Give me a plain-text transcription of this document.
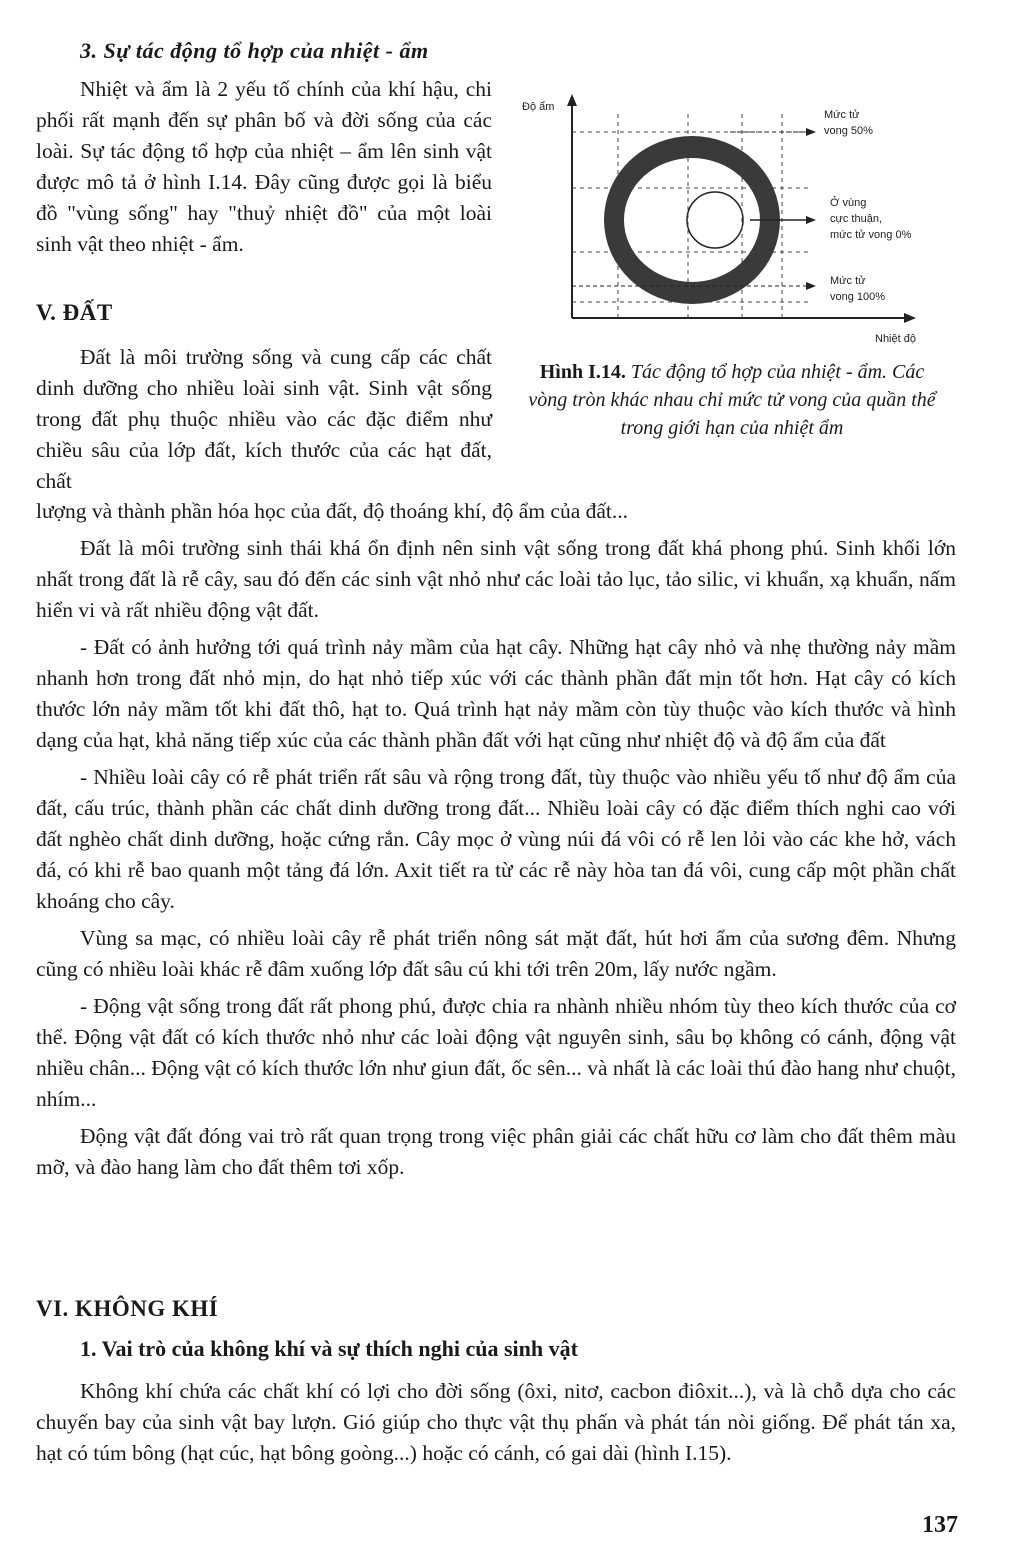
3. Sự tác động tổ hợp của nhiệt - ẩm

Nhiệt và ẩm là 2 yếu tố chính của khí hậu, chi phối rất mạnh đến sự phân bố và đời sống của các loài. Sự tác động tổ hợp của nhiệt – ẩm lên sinh vật được mô tả ở hình I.14. Đây cũng được gọi là biểu đồ "vùng sống" hay "thuỷ nhiệt đồ" của một loài sinh vật theo nhiệt - ẩm.

V. ĐẤT

Đất là môi trường sống và cung cấp các chất dinh dưỡng cho nhiều loài sinh vật. Sinh vật sống trong đất phụ thuộc nhiều vào các đặc điểm như chiều sâu của lớp đất, kích thước của các hạt đất, chất

Độ ẩm
Nhiệt độ
Mức tử
vong 50%
Ở vùng
cực thuận,
mức tử vong 0%
Mức tử
vong 100%
Hình I.14. Tác động tổ hợp của nhiệt - ẩm. Các vòng tròn khác nhau chỉ mức tử vong của quần thể trong giới hạn của nhiệt ẩm
lượng và thành phần hóa học của đất, độ thoáng khí, độ ẩm của đất...

Đất là môi trường sinh thái khá ổn định nên sinh vật sống trong đất khá phong phú. Sinh khối lớn nhất trong đất là rễ cây, sau đó đến các sinh vật nhỏ như các loài tảo lục, tảo silic, vi khuẩn, xạ khuẩn, nấm hiển vi và rất nhiều động vật đất.

- Đất có ảnh hưởng tới quá trình nảy mầm của hạt cây. Những hạt cây nhỏ và nhẹ thường nảy mầm nhanh hơn trong đất nhỏ mịn, do hạt nhỏ tiếp xúc với các thành phần đất mịn tốt hơn. Hạt cây có kích thước lớn nảy mầm tốt khi đất thô, hạt to. Quá trình hạt nảy mầm còn tùy thuộc vào kích thước và hình dạng của hạt, khả năng tiếp xúc của các thành phần đất với hạt cũng như nhiệt độ và độ ẩm của đất

- Nhiều loài cây có rễ phát triển rất sâu và rộng trong đất, tùy thuộc vào nhiều yếu tố như độ ẩm của đất, cấu trúc, thành phần các chất dinh dưỡng trong đất... Nhiều loài cây có đặc điểm thích nghi cao với đất nghèo chất dinh dưỡng, hoặc cứng rắn. Cây mọc ở vùng núi đá vôi có rễ len lỏi vào các khe hở, vách đá, có khi rễ bao quanh một tảng đá lớn. Axit tiết ra từ các rễ này hòa tan đá vôi, cung cấp một phần chất khoáng cho cây.

Vùng sa mạc, có nhiều loài cây rễ phát triển nông sát mặt đất, hút hơi ẩm của sương đêm. Nhưng cũng có nhiều loài khác rễ đâm xuống lớp đất sâu cú khi tới trên 20m, lấy nước ngầm.

- Động vật sống trong đất rất phong phú, được chia ra nhành nhiều nhóm tùy theo kích thước của cơ thể. Động vật đất có kích thước nhỏ như các loài động vật nguyên sinh, sâu bọ không có cánh, động vật nhiều chân... Động vật có kích thước lớn như giun đất, ốc sên... và nhất là các loài thú đào hang như chuột, nhím...

Động vật đất đóng vai trò rất quan trọng trong việc phân giải các chất hữu cơ làm cho đất thêm màu mỡ, và đào hang làm cho đất thêm tơi xốp.

VI. KHÔNG KHÍ
1. Vai trò của không khí và sự thích nghi của sinh vật

Không khí chứa các chất khí có lợi cho đời sống (ôxi, nitơ, cacbon điôxit...), và là chỗ dựa cho các chuyến bay của sinh vật bay lượn. Gió giúp cho thực vật thụ phấn và phát tán nòi giống. Để phát tán xa, hạt có túm bông (hạt cúc, hạt bông goòng...) hoặc có cánh, có gai dài (hình I.15).

137
